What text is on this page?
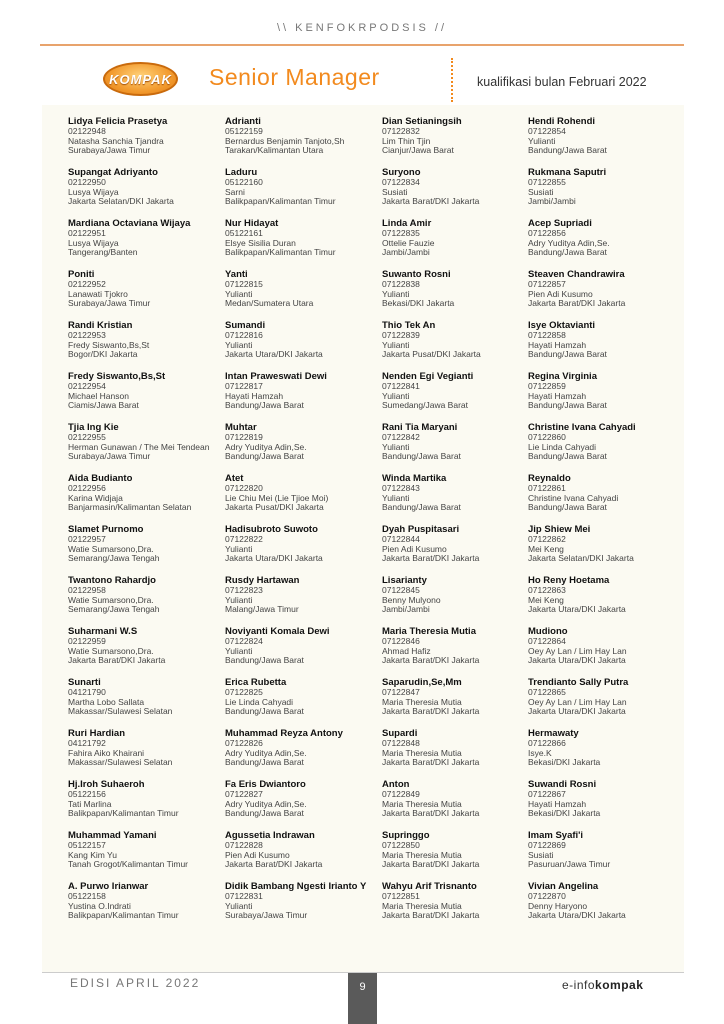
\\ KENFOKRPODSIS //
KOMPAK Senior Manager	kualifikasi bulan Februari 2022
Lidya Felicia Prasetya
02122948
Natasha Sanchia Tjandra
Surabaya/Jawa Timur
Adrianti
05122159
Bernardus Benjamin Tanjoto,Sh
Tarakan/Kalimantan Utara
Dian Setianingsih
07122832
Lim Thin Tjin
Cianjur/Jawa Barat
Hendi Rohendi
07122854
Yulianti
Bandung/Jawa Barat
Supangat Adriyanto
02122950
Lusya Wijaya
Jakarta Selatan/DKI Jakarta
Laduru
05122160
Sarni
Balikpapan/Kalimantan Timur
Suryono
07122834
Susiati
Jakarta Barat/DKI Jakarta
Rukmana Saputri
07122855
Susiati
Jambi/Jambi
Mardiana Octaviana Wijaya
02122951
Lusya Wijaya
Tangerang/Banten
Nur Hidayat
05122161
Elsye Sisilia Duran
Balikpapan/Kalimantan Timur
Linda Amir
07122835
Ottelie Fauzie
Jambi/Jambi
Acep Supriadi
07122856
Adry Yuditya Adin,Se.
Bandung/Jawa Barat
Poniti
02122952
Lanawati Tjokro
Surabaya/Jawa Timur
Yanti
07122815
Yulianti
Medan/Sumatera Utara
Suwanto Rosni
07122838
Yulianti
Bekasi/DKI Jakarta
Steaven Chandrawira
07122857
Pien Adi Kusumo
Jakarta Barat/DKI Jakarta
Randi Kristian
02122953
Fredy Siswanto,Bs,St
Bogor/DKI Jakarta
Sumandi
07122816
Yulianti
Jakarta Utara/DKI Jakarta
Thio Tek An
07122839
Yulianti
Jakarta Pusat/DKI Jakarta
Isye Oktavianti
07122858
Hayati Hamzah
Bandung/Jawa Barat
Fredy Siswanto,Bs,St
02122954
Michael Hanson
Ciamis/Jawa Barat
Intan Praweswati Dewi
07122817
Hayati Hamzah
Bandung/Jawa Barat
Nenden Egi Vegianti
07122841
Yulianti
Sumedang/Jawa Barat
Regina Virginia
07122859
Hayati Hamzah
Bandung/Jawa Barat
Tjia Ing Kie
02122955
Herman Gunawan / The Mei Tendean
Surabaya/Jawa Timur
Muhtar
07122819
Adry Yuditya Adin,Se.
Bandung/Jawa Barat
Rani Tia Maryani
07122842
Yulianti
Bandung/Jawa Barat
Christine Ivana Cahyadi
07122860
Lie Linda Cahyadi
Bandung/Jawa Barat
Aida Budianto
02122956
Karina Widjaja
Banjarmasin/Kalimantan Selatan
Atet
07122820
Lie Chiu Mei (Lie Tjioe Moi)
Jakarta Pusat/DKI Jakarta
Winda Martika
07122843
Yulianti
Bandung/Jawa Barat
Reynaldo
07122861
Christine Ivana Cahyadi
Bandung/Jawa Barat
Slamet Purnomo
02122957
Watie Sumarsono,Dra.
Semarang/Jawa Tengah
Hadisubroto Suwoto
07122822
Yulianti
Jakarta Utara/DKI Jakarta
Dyah Puspitasari
07122844
Pien Adi Kusumo
Jakarta Barat/DKI Jakarta
Jip Shiew Mei
07122862
Mei Keng
Jakarta Selatan/DKI Jakarta
Twantono Rahardjo
02122958
Watie Sumarsono,Dra.
Semarang/Jawa Tengah
Rusdy Hartawan
07122823
Yulianti
Malang/Jawa Timur
Lisarianty
07122845
Benny Mulyono
Jambi/Jambi
Ho Reny Hoetama
07122863
Mei Keng
Jakarta Utara/DKI Jakarta
Suharmani W.S
02122959
Watie Sumarsono,Dra.
Jakarta Barat/DKI Jakarta
Noviyanti Komala Dewi
07122824
Yulianti
Bandung/Jawa Barat
Maria Theresia Mutia
07122846
Ahmad Hafiz
Jakarta Barat/DKI Jakarta
Mudiono
07122864
Oey Ay Lan / Lim Hay Lan
Jakarta Utara/DKI Jakarta
Sunarti
04121790
Martha Lobo Sallata
Makassar/Sulawesi Selatan
Erica Rubetta
07122825
Lie Linda Cahyadi
Bandung/Jawa Barat
Saparudin,Se,Mm
07122847
Maria Theresia Mutia
Jakarta Barat/DKI Jakarta
Trendianto Sally Putra
07122865
Oey Ay Lan / Lim Hay Lan
Jakarta Utara/DKI Jakarta
Ruri Hardian
04121792
Fahira Aiko Khairani
Makassar/Sulawesi Selatan
Muhammad Reyza Antony
07122826
Adry Yuditya Adin,Se.
Bandung/Jawa Barat
Supardi
07122848
Maria Theresia Mutia
Jakarta Barat/DKI Jakarta
Hermawaty
07122866
Isye.K
Bekasi/DKI Jakarta
Hj.Iroh Suhaeroh
05122156
Tati Marlina
Balikpapan/Kalimantan Timur
Fa Eris Dwiantoro
07122827
Adry Yuditya Adin,Se.
Bandung/Jawa Barat
Anton
07122849
Maria Theresia Mutia
Jakarta Barat/DKI Jakarta
Suwandi Rosni
07122867
Hayati Hamzah
Bekasi/DKI Jakarta
Muhammad Yamani
05122157
Kang Kim Yu
Tanah Grogot/Kalimantan Timur
Agussetia Indrawan
07122828
Pien Adi Kusumo
Jakarta Barat/DKI Jakarta
Supringgo
07122850
Maria Theresia Mutia
Jakarta Barat/DKI Jakarta
Imam Syafi'i
07122869
Susiati
Pasuruan/Jawa Timur
A. Purwo Irianwar
05122158
Yustina O.Indrati
Balikpapan/Kalimantan Timur
Didik Bambang Ngesti Irianto Y
07122831
Yulianti
Surabaya/Jawa Timur
Wahyu Arif Trisnanto
07122851
Maria Theresia Mutia
Jakarta Barat/DKI Jakarta
Vivian Angelina
07122870
Denny Haryono
Jakarta Utara/DKI Jakarta
EDISI APRIL 2022	9	e-infokompak
